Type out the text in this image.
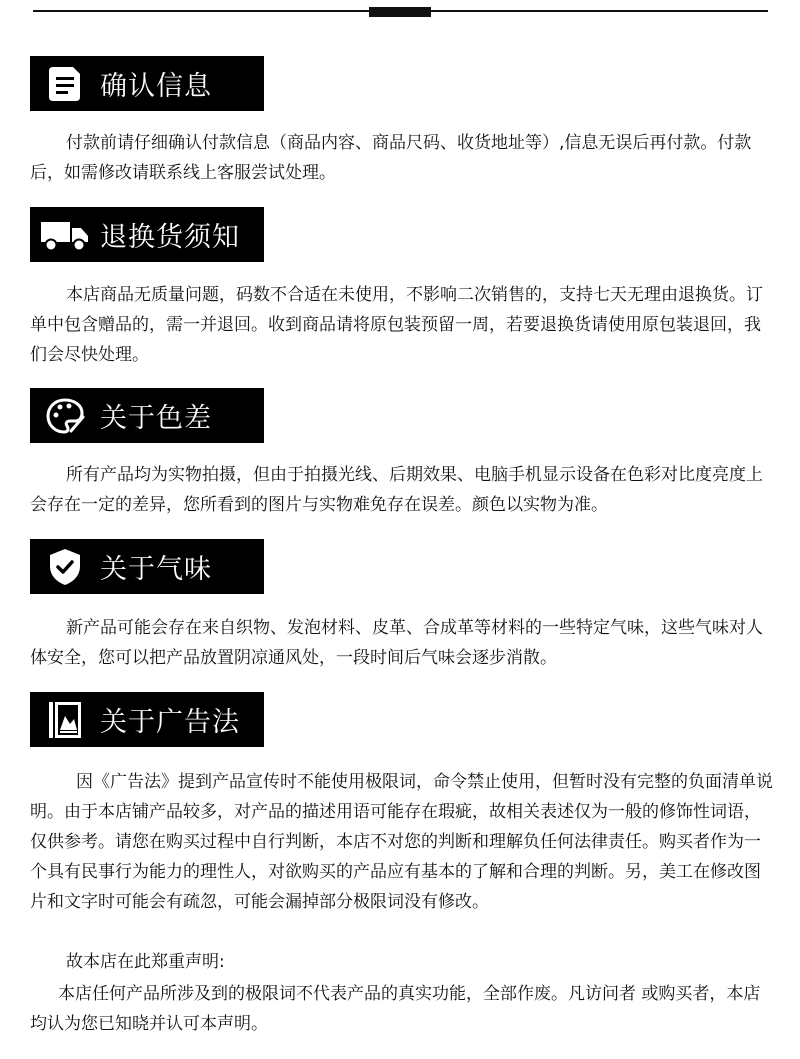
确认信息

付款前请仔细确认付款信息（商品内容、商品尺码、收货地址等）,信息无误后再付款。付款后，如需修改请联系线上客服尝试处理。

退换货须知

本店商品无质量问题，码数不合适在未使用，不影响二次销售的，支持七天无理由退换货。订单中包含赠品的，需一并退回。收到商品请将原包装预留一周，若要退换货请使用原包装退回，我们会尽快处理。

关于色差

所有产品均为实物拍摄，但由于拍摄光线、后期效果、电脑手机显示设备在色彩对比度亮度上会存在一定的差异，您所看到的图片与实物难免存在误差。颜色以实物为准。

关于气味

新产品可能会存在来自织物、发泡材料、皮革、合成革等材料的一些特定气味，这些气味对人体安全，您可以把产品放置阴凉通风处，一段时间后气味会逐步消散。

关于广告法

因《广告法》提到产品宣传时不能使用极限词，命令禁止使用，但暂时没有完整的负面清单说明。由于本店铺产品较多，对产品的描述用语可能存在瑕疵，故相关表述仅为一般的修饰性词语，仅供参考。请您在购买过程中自行判断，本店不对您的判断和理解负任何法律责任。购买者作为一个具有民事行为能力的理性人，对欲购买的产品应有基本的了解和合理的判断。另，美工在修改图片和文字时可能会有疏忽，可能会漏掉部分极限词没有修改。

故本店在此郑重声明:

本店任何产品所涉及到的极限词不代表产品的真实功能，全部作废。凡访问者 或购买者，本店均认为您已知晓并认可本声明。
